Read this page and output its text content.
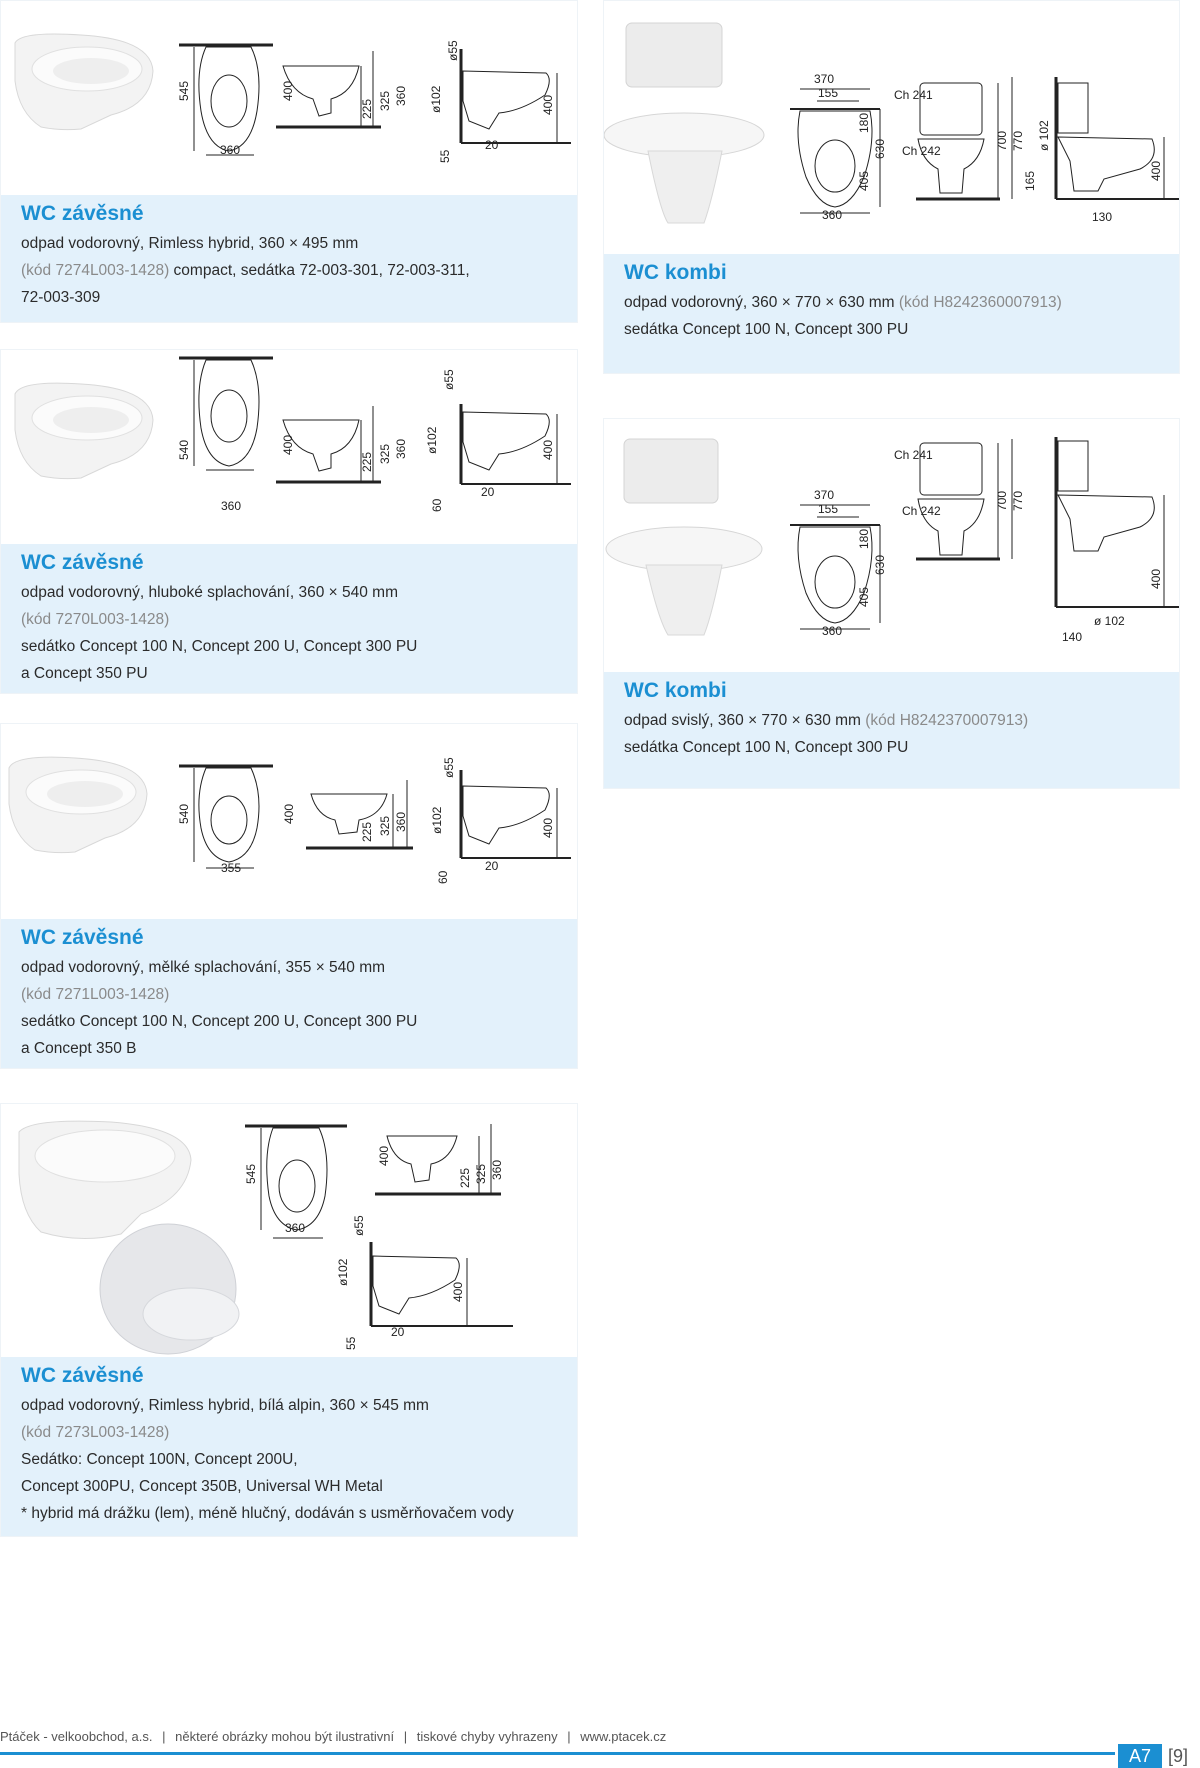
545
360
400
225 325 360
ø55
ø102	400
55
20
WC závěsné

odpad vodorovný, Rimless hybrid, 360 × 495 mm

(kód 7274L003-1428) compact, sedátka 72-003-301, 72-003-311,

72-003-309

540
360
400
225 325 360
ø55
ø102	400
60
20
WC závěsné

odpad vodorovný, hluboké splachování, 360 × 540 mm

(kód 7270L003-1428)

sedátko Concept 100 N, Concept 200 U, Concept 300 PU

a Concept 350 PU

540
355
400
225 325 360
ø55
ø102	400
60
20
WC závěsné

odpad vodorovný, mělké splachování, 355 × 540 mm

(kód 7271L003-1428)

sedátko Concept 100 N, Concept 200 U, Concept 300 PU

a Concept 350 B

545
360
400
225 325 360
ø55
ø102
400
55
20
WC závěsné

odpad vodorovný, Rimless hybrid, bílá alpin, 360 × 545 mm

(kód 7273L003-1428)

Sedátko: Concept 100N, Concept 200U,

Concept 300PU, Concept 350B, Universal WH Metal

* hybrid má drážku (lem), méně hlučný, dodáván s usměrňovačem vody

370
155
180
630
405
360
Ch 241
Ch 242	700 770 ø 102
165	400
130
WC kombi

odpad vodorovný, 360 × 770 × 630 mm (kód H8242360007913)

sedátka Concept 100 N, Concept 300 PU

370
155
180
630
405
360
Ch 241
Ch 242	700 770
ø 102
400
140
WC kombi

odpad svislý, 360 × 770 × 630 mm (kód H8242370007913)

sedátka Concept 100 N, Concept 300 PU

Ptáček - velkoobchod, a.s. | některé obrázky mohou být ilustrativní | tiskové chyby vyhrazeny | www.ptacek.cz
A7 [9]
